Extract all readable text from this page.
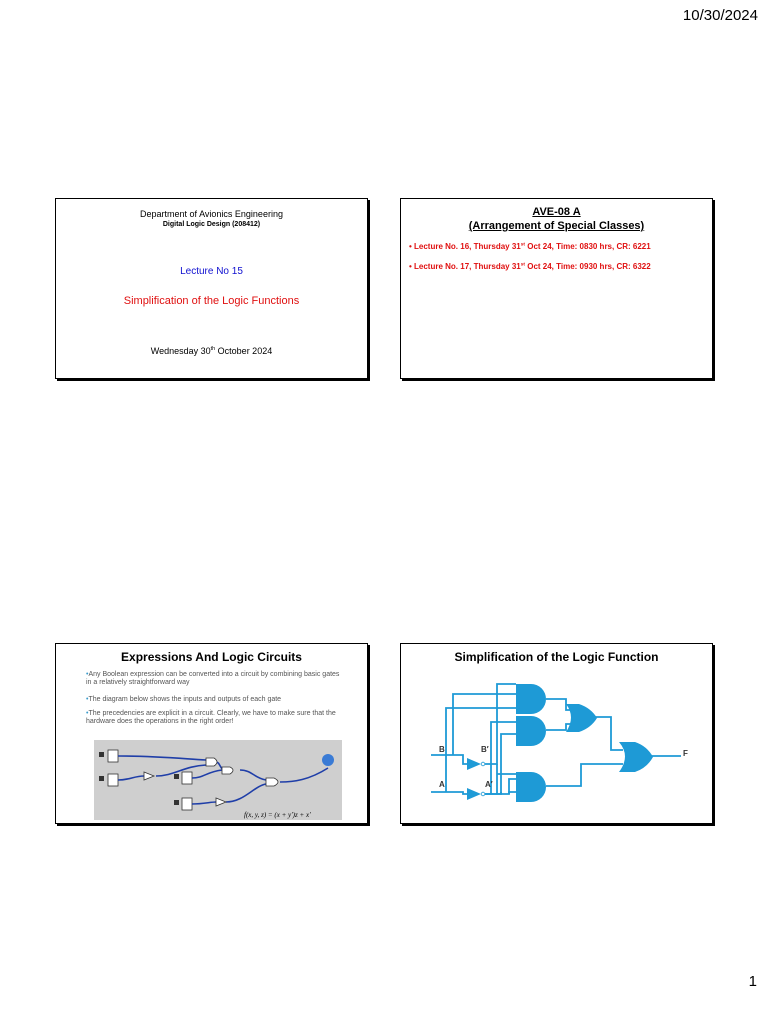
10/30/2024
Department of Avionics Engineering
Digital Logic Design (208412)
Lecture No 15
Simplification of the Logic Functions
Wednesday 30th October 2024
AVE-08 A
(Arrangement of Special Classes)
• Lecture No. 16, Thursday 31st Oct 24, Time: 0830 hrs, CR: 6221
• Lecture No. 17, Thursday 31st Oct 24, Time: 0930 hrs, CR: 6322
Expressions And Logic Circuits
• Any Boolean expression can be converted into a circuit by combining basic gates in a relatively straightforward way
• The diagram below shows the inputs and outputs of each gate
• The precedencies are explicit in a circuit. Clearly, we have to make sure that the hardware does the operations in the right order!
f(x, y, z) = (x + y′)z + x′
Simplification of the Logic Function
B	B′
A	A′
F
1
